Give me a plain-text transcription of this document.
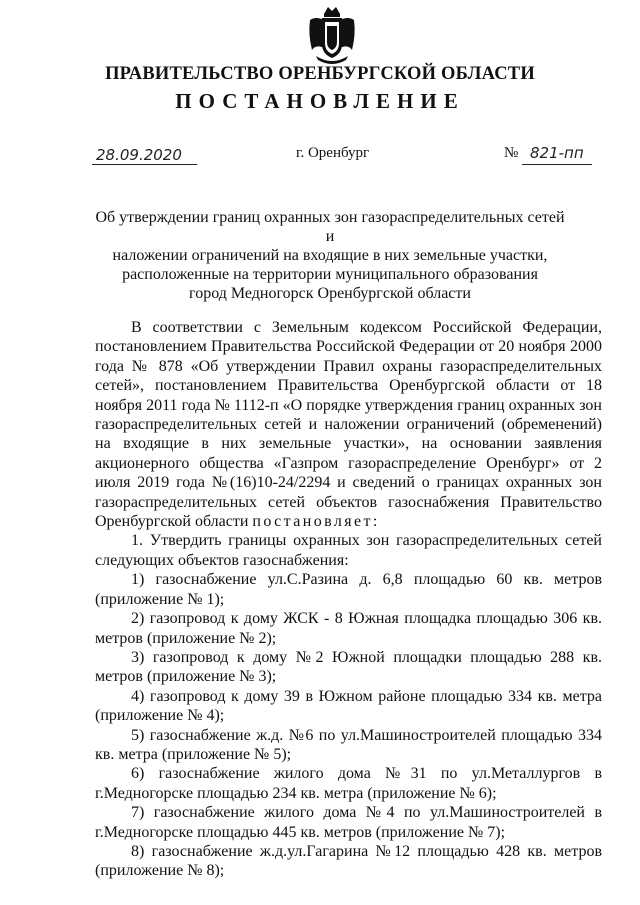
ПРАВИТЕЛЬСТВО ОРЕНБУРГСКОЙ ОБЛАСТИ
ПОСТАНОВЛЕНИЕ
28.09.2020	г. Оренбург	№ 821-пп
Об утверждении границ охранных зон газораспределительных сетей и
наложении ограничений на входящие в них земельные участки,
расположенные на территории муниципального образования
город Медногорск Оренбургской области

В соответствии с Земельным кодексом Российской Федерации, постановлением Правительства Российской Федерации от 20 ноября 2000 года № 878 «Об утверждении Правил охраны газораспределительных сетей», постановлением Правительства Оренбургской области от 18 ноября 2011 года № 1112-п «О порядке утверждения границ охранных зон газораспределительных сетей и наложении ограничений (обременений) на входящие в них земельные участки», на основании заявления акционерного общества «Газпром газораспределение Оренбург» от 2 июля 2019 года №(16)10-24/2294 и сведений о границах охранных зон газораспределительных сетей объектов газоснабжения Правительство Оренбургской области постановляет:

1. Утвердить границы охранных зон газораспределительных сетей следующих объектов газоснабжения:

1) газоснабжение ул.С.Разина д. 6,8 площадью 60 кв. метров (приложение № 1);

2) газопровод к дому ЖСК - 8 Южная площадка площадью 306 кв. метров (приложение № 2);

3) газопровод к дому №2 Южной площадки площадью 288 кв. метров (приложение № 3);

4) газопровод к дому 39 в Южном районе площадью 334 кв. метра (приложение № 4);

5) газоснабжение ж.д. №6 по ул.Машиностроителей площадью 334 кв. метра (приложение № 5);

6) газоснабжение жилого дома №31 по ул.Металлургов в г.Медногорске площадью 234 кв. метра (приложение № 6);

7) газоснабжение жилого дома №4 по ул.Машиностроителей в г.Медногорске площадью 445 кв. метров (приложение № 7);

8) газоснабжение ж.д.ул.Гагарина №12 площадью 428 кв. метров (приложение № 8);
